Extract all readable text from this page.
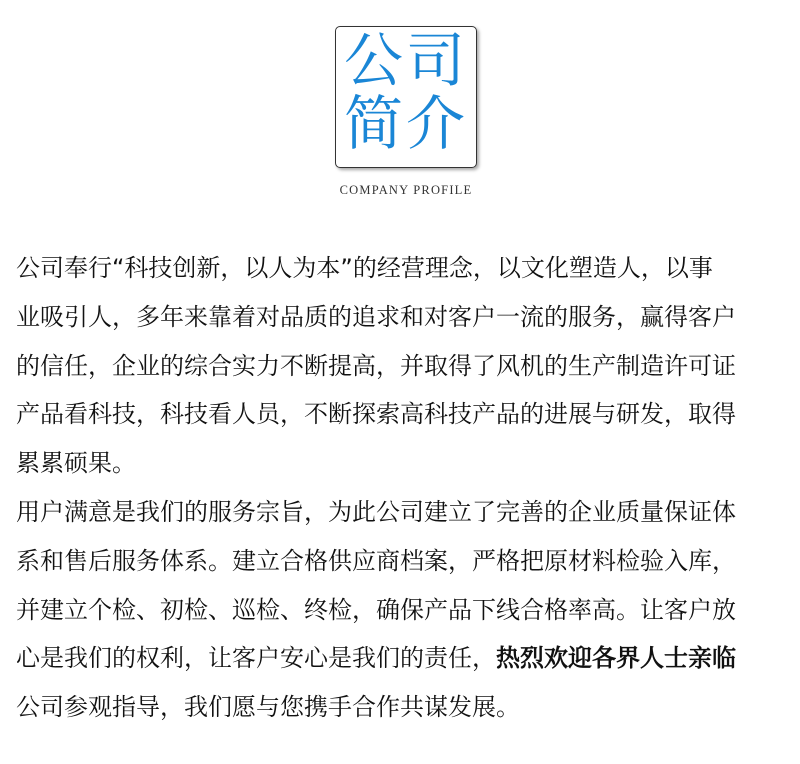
公司
简介
COMPANY PROFILE

公司奉行“科技创新，以人为本”的经营理念，以文化塑造人，以事
业吸引人，多年来靠着对品质的追求和对客户一流的服务，赢得客户
的信任，企业的综合实力不断提高，并取得了风机的生产制造许可证
产品看科技，科技看人员，不断探索高科技产品的进展与研发，取得
累累硕果。

用户满意是我们的服务宗旨，为此公司建立了完善的企业质量保证体
系和售后服务体系。建立合格供应商档案，严格把原材料检验入库，
并建立个检、初检、巡检、终检，确保产品下线合格率高。让客户放
心是我们的权利，让客户安心是我们的责任，热烈欢迎各界人士亲临
公司参观指导，我们愿与您携手合作共谋发展。
